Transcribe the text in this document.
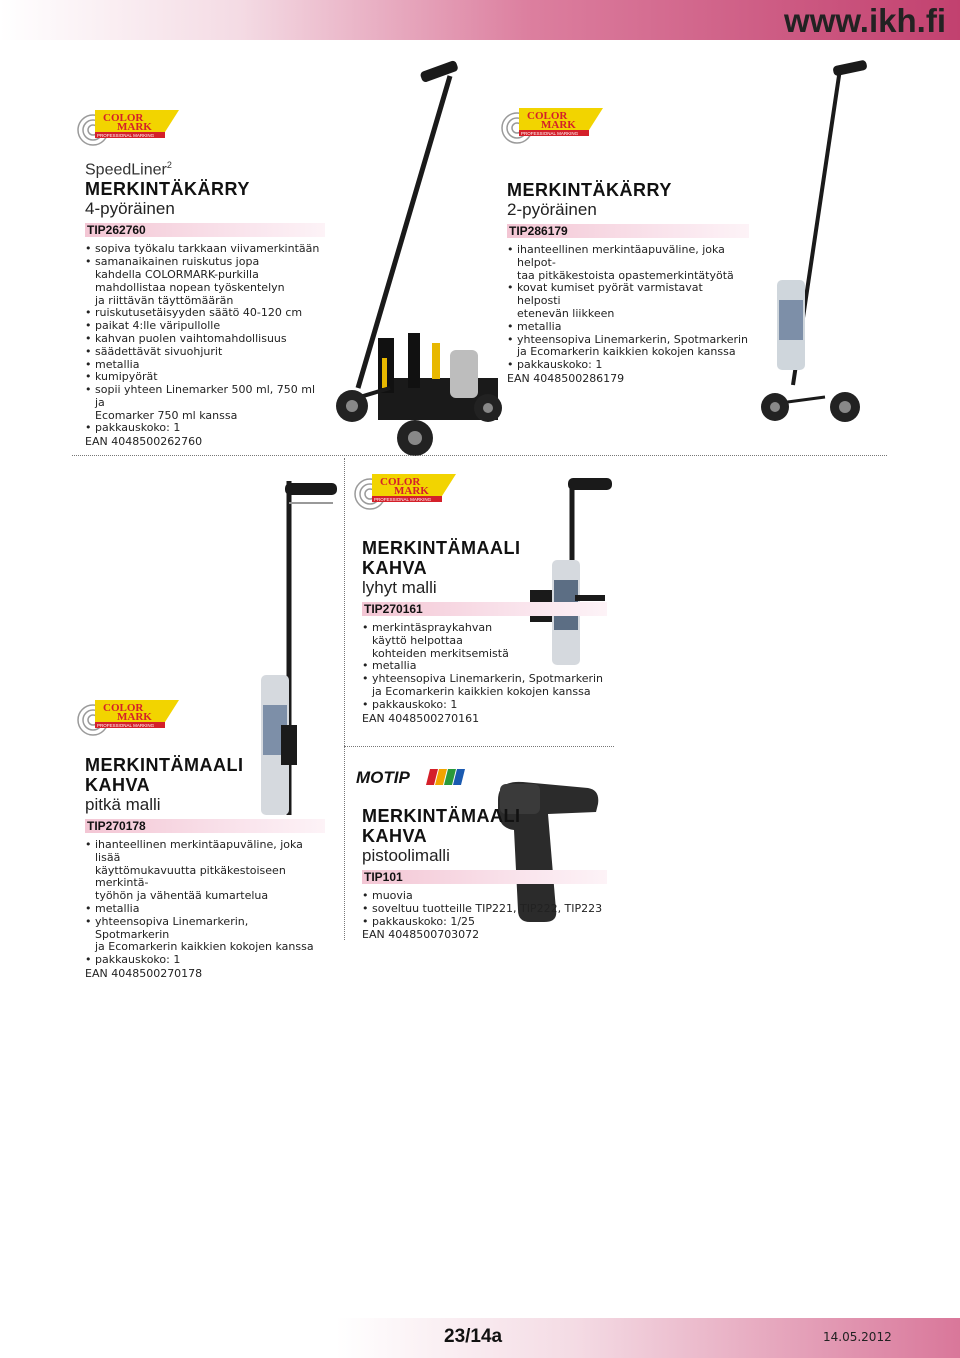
www.ikh.fi
COLOR
MARK
PROFESSIONAL MARKING
COLOR
MARK
PROFESSIONAL MARKING
COLOR
MARK
PROFESSIONAL MARKING
COLOR
MARK
PROFESSIONAL MARKING
MOTIP
SpeedLiner$^2$
MERKINTÄKÄRRY
4-pyöräinen
TIP262760
• sopiva työkalu tarkkaan viivamerkintään
• samanaikainen ruiskutus jopa
kahdella COLORMARK-purkilla
mahdollistaa nopean työskentelyn
ja riittävän täyttömäärän
• ruiskutusetäisyyden säätö 40-120 cm
• paikat 4:lle väripullolle
• kahvan puolen vaihtomahdollisuus
• säädettävät sivuohjurit
• metallia
• kumipyörät
• sopii yhteen Linemarker 500 ml, 750 ml ja
Ecomarker 750 ml kanssa
• pakkauskoko: 1
EAN 4048500262760
MERKINTÄKÄRRY
2-pyöräinen
TIP286179
• ihanteellinen merkintäapuväline, joka helpot-
taa pitkäkestoista opastemerkintätyötä
• kovat kumiset pyörät varmistavat helposti
etenevän liikkeen
• metallia
• yhteensopiva Linemarkerin, Spotmarkerin
ja Ecomarkerin kaikkien kokojen kanssa
• pakkauskoko: 1
EAN 4048500286179
MERKINTÄMAALI
KAHVA
lyhyt malli
TIP270161
• merkintäspraykahvan
käyttö helpottaa
kohteiden merkitsemistä
• metallia
• yhteensopiva Linemarkerin, Spotmarkerin
ja Ecomarkerin kaikkien kokojen kanssa
• pakkauskoko: 1
EAN 4048500270161
MERKINTÄMAALI
KAHVA
pitkä malli
TIP270178
• ihanteellinen merkintäapuväline, joka lisää
käyttömukavuutta pitkäkestoiseen merkintä-
työhön ja vähentää kumartelua
• metallia
• yhteensopiva Linemarkerin, Spotmarkerin
ja Ecomarkerin kaikkien kokojen kanssa
• pakkauskoko: 1
EAN 4048500270178
MERKINTÄMAALI
KAHVA
pistoolimalli
TIP101
• muovia
• soveltuu tuotteille TIP221, TIP222, TIP223
• pakkauskoko: 1/25
EAN 4048500703072
23/14a	14.05.2012
